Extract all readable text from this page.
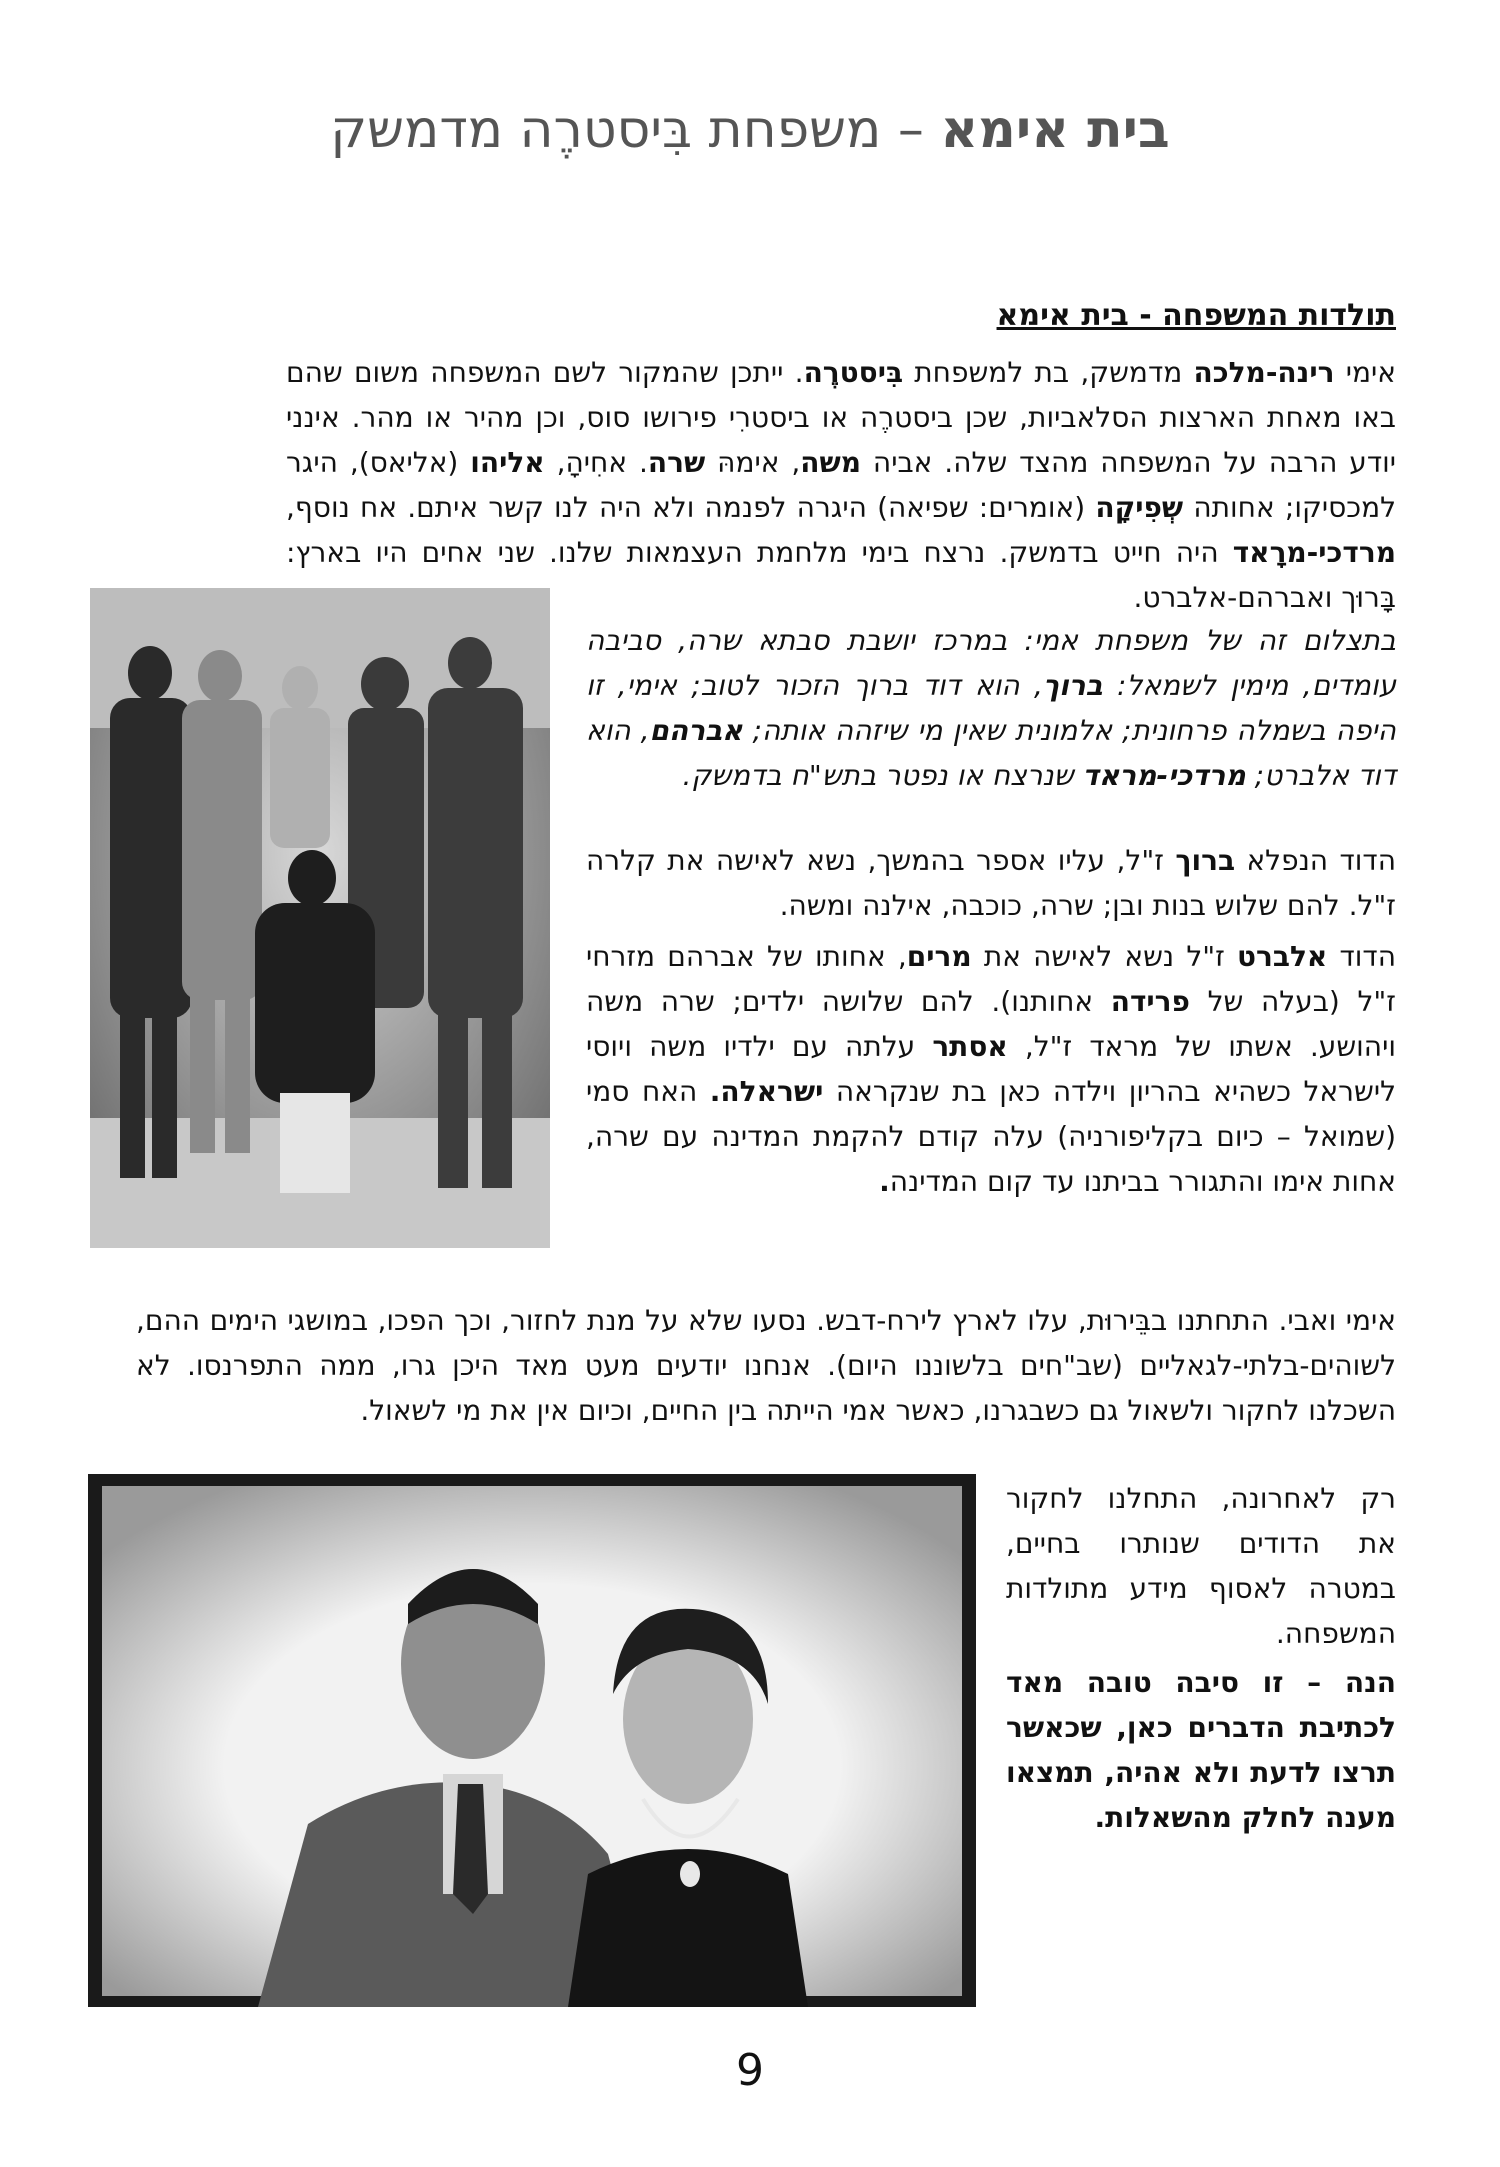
בית אימא – משפחת בִּיסטרֶה מדמשק
תולדות המשפחה - בית אימא

אימי רינה-מלכה מדמשק, בת למשפחת בִּיסטרֶה. ייתכן שהמקור לשם המשפחה משום שהם באו מאחת הארצות הסלאביות, שכן ביסטרֶה או ביסטרִי פירושו סוס, וכן מהיר או מהר. אינני יודע הרבה על המשפחה מהצד שלה. אביה משה, אימהּ שרה. אחִיהָ, אליהו (אליאס), היגר למכסיקו; אחותה שְפִיקָה (אומרים: שפיאה) היגרה לפנמה ולא היה לנו קשר איתם. אח נוסף, מרדכי-מרָאד היה חייט בדמשק. נרצח בימי מלחמת העצמאות שלנו. שני אחים היו בארץ: בָּרוּך ואברהם-אלברט.

בתצלום זה של משפחת אמי: במרכז יושבת סבתא שרה, סביבה עומדים, מימין לשמאל: ברוך, הוא דוד ברוך הזכור לטוב; אימי, זו היפה בשמלה פרחונית; אלמונית שאין מי שיזהה אותה; אברהם, הוא דוד אלברט; מרדכי-מראד שנרצח או נפטר בתש"ח בדמשק.

הדוד הנפלא ברוך ז"ל, עליו אספר בהמשך, נשא לאישה את קלרה ז"ל. להם שלוש בנות ובן; שרה, כוכבה, אילנה ומשה.

הדוד אלברט ז"ל נשא לאישה את מרים, אחותו של אברהם מזרחי ז"ל (בעלה של פרידה אחותנו). להם שלושה ילדים; שרה משה ויהושע. אשתו של מראד ז"ל, אסתר עלתה עם ילדיו משה ויוסי לישראל כשהיא בהריון וילדה כאן בת שנקראה ישראלה. האח סמי (שמואל – כיום בקליפורניה) עלה קודם להקמת המדינה עם שרה, אחות אימו והתגורר בביתנו עד קום המדינה.

אימי ואבי. התחתנו בבֵּירוּת, עלו לארץ לירח-דבש. נסעו שלא על מנת לחזור, וכך הפכו, במושגי הימים ההם, לשוהים-בלתי-לגאליים (שב"חים בלשוננו היום). אנחנו יודעים מעט מאד היכן גרו, ממה התפרנסו. לא השכלנו לחקור ולשאול גם כשבגרנו, כאשר אמי הייתה בין החיים, וכיום אין את מי לשאול.

רק לאחרונה, התחלנו לחקור את הדודים שנותרו בחיים, במטרה לאסוף מידע מתולדות המשפחה.

הנה – זו סיבה טובה מאד לכתיבת הדברים כאן, שכאשר תרצו לדעת ולא אהיה, תמצאו מענה לחלק מהשאלות.

9
